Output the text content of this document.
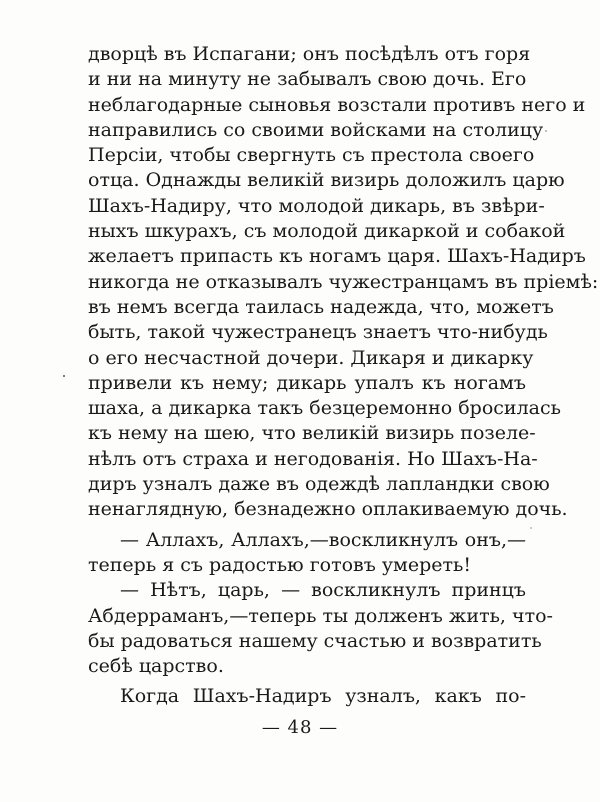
дворцѣ въ Испагани; онъ посѣдѣлъ отъ горя
и ни на минуту не забывалъ свою дочь. Его
неблагодарные сыновья возстали противъ него и
направились со своими войсками на столицу
Персіи, чтобы свергнуть съ престола своего
отца. Однажды великій визирь доложилъ царю
Шахъ-Надиру, что молодой дикарь, въ звѣри-
ныхъ шкурахъ, съ молодой дикаркой и собакой
желаетъ припасть къ ногамъ царя. Шахъ-Надиръ
никогда не отказывалъ чужестранцамъ въ пріемѣ:
въ немъ всегда таилась надежда, что, можетъ
быть, такой чужестранецъ знаетъ что-нибудь
о его несчастной дочери. Дикаря и дикарку
привели къ нему; дикарь упалъ къ ногамъ
шаха, а дикарка такъ безцеремонно бросилась
къ нему на шею, что великій визирь позеле-
нѣлъ отъ страха и негодованія. Но Шахъ-На-
диръ узналъ даже въ одеждѣ лапландки свою
ненаглядную, безнадежно оплакиваемую дочь.
— Аллахъ, Аллахъ,—воскликнулъ онъ,—
теперь я съ радостью готовъ умереть!
— Нѣтъ, царь, — воскликнулъ принцъ
Абдерраманъ,—теперь ты долженъ жить, что-
бы радоваться нашему счастью и возвратить
себѣ царство.
Когда Шахъ-Надиръ узналъ, какъ по-
— 48 —
